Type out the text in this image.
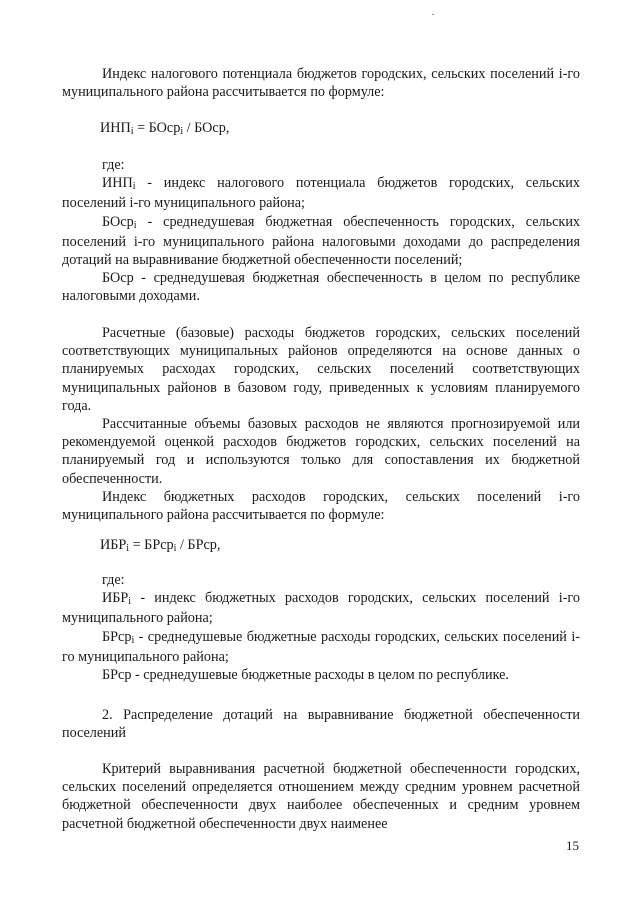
Индекс налогового потенциала бюджетов городских, сельских поселений i-го муниципального района рассчитывается по формуле:

ИНПi = БОсрi / БОср,

где:

ИНПi - индекс налогового потенциала бюджетов городских, сельских поселений i-го муниципального района;

БОсрi - среднедушевая бюджетная обеспеченность городских, сельских поселений i-го муниципального района налоговыми доходами до распределения дотаций на выравнивание бюджетной обеспеченности поселений;

БОср - среднедушевая бюджетная обеспеченность в целом по республике налоговыми доходами.

Расчетные (базовые) расходы бюджетов городских, сельских поселений соответствующих муниципальных районов определяются на основе данных о планируемых расходах городских, сельских поселений соответствующих муниципальных районов в базовом году, приведенных к условиям планируемого года.

Рассчитанные объемы базовых расходов не являются прогнозируемой или рекомендуемой оценкой расходов бюджетов городских, сельских поселений на планируемый год и используются только для сопоставления их бюджетной обеспеченности.

Индекс бюджетных расходов городских, сельских поселений i-го муниципального района рассчитывается по формуле:

ИБРi = БРсрi / БРср,

где:

ИБРi - индекс бюджетных расходов городских, сельских поселений i-го муниципального района;

БРсрi - среднедушевые бюджетные расходы городских, сельских поселений i-го муниципального района;

БРср - среднедушевые бюджетные расходы в целом по республике.

2. Распределение дотаций на выравнивание бюджетной обеспеченности поселений

Критерий выравнивания расчетной бюджетной обеспеченности городских, сельских поселений определяется отношением между средним уровнем расчетной бюджетной обеспеченности двух наиболее обеспеченных и средним уровнем расчетной бюджетной обеспеченности двух наименее

15
